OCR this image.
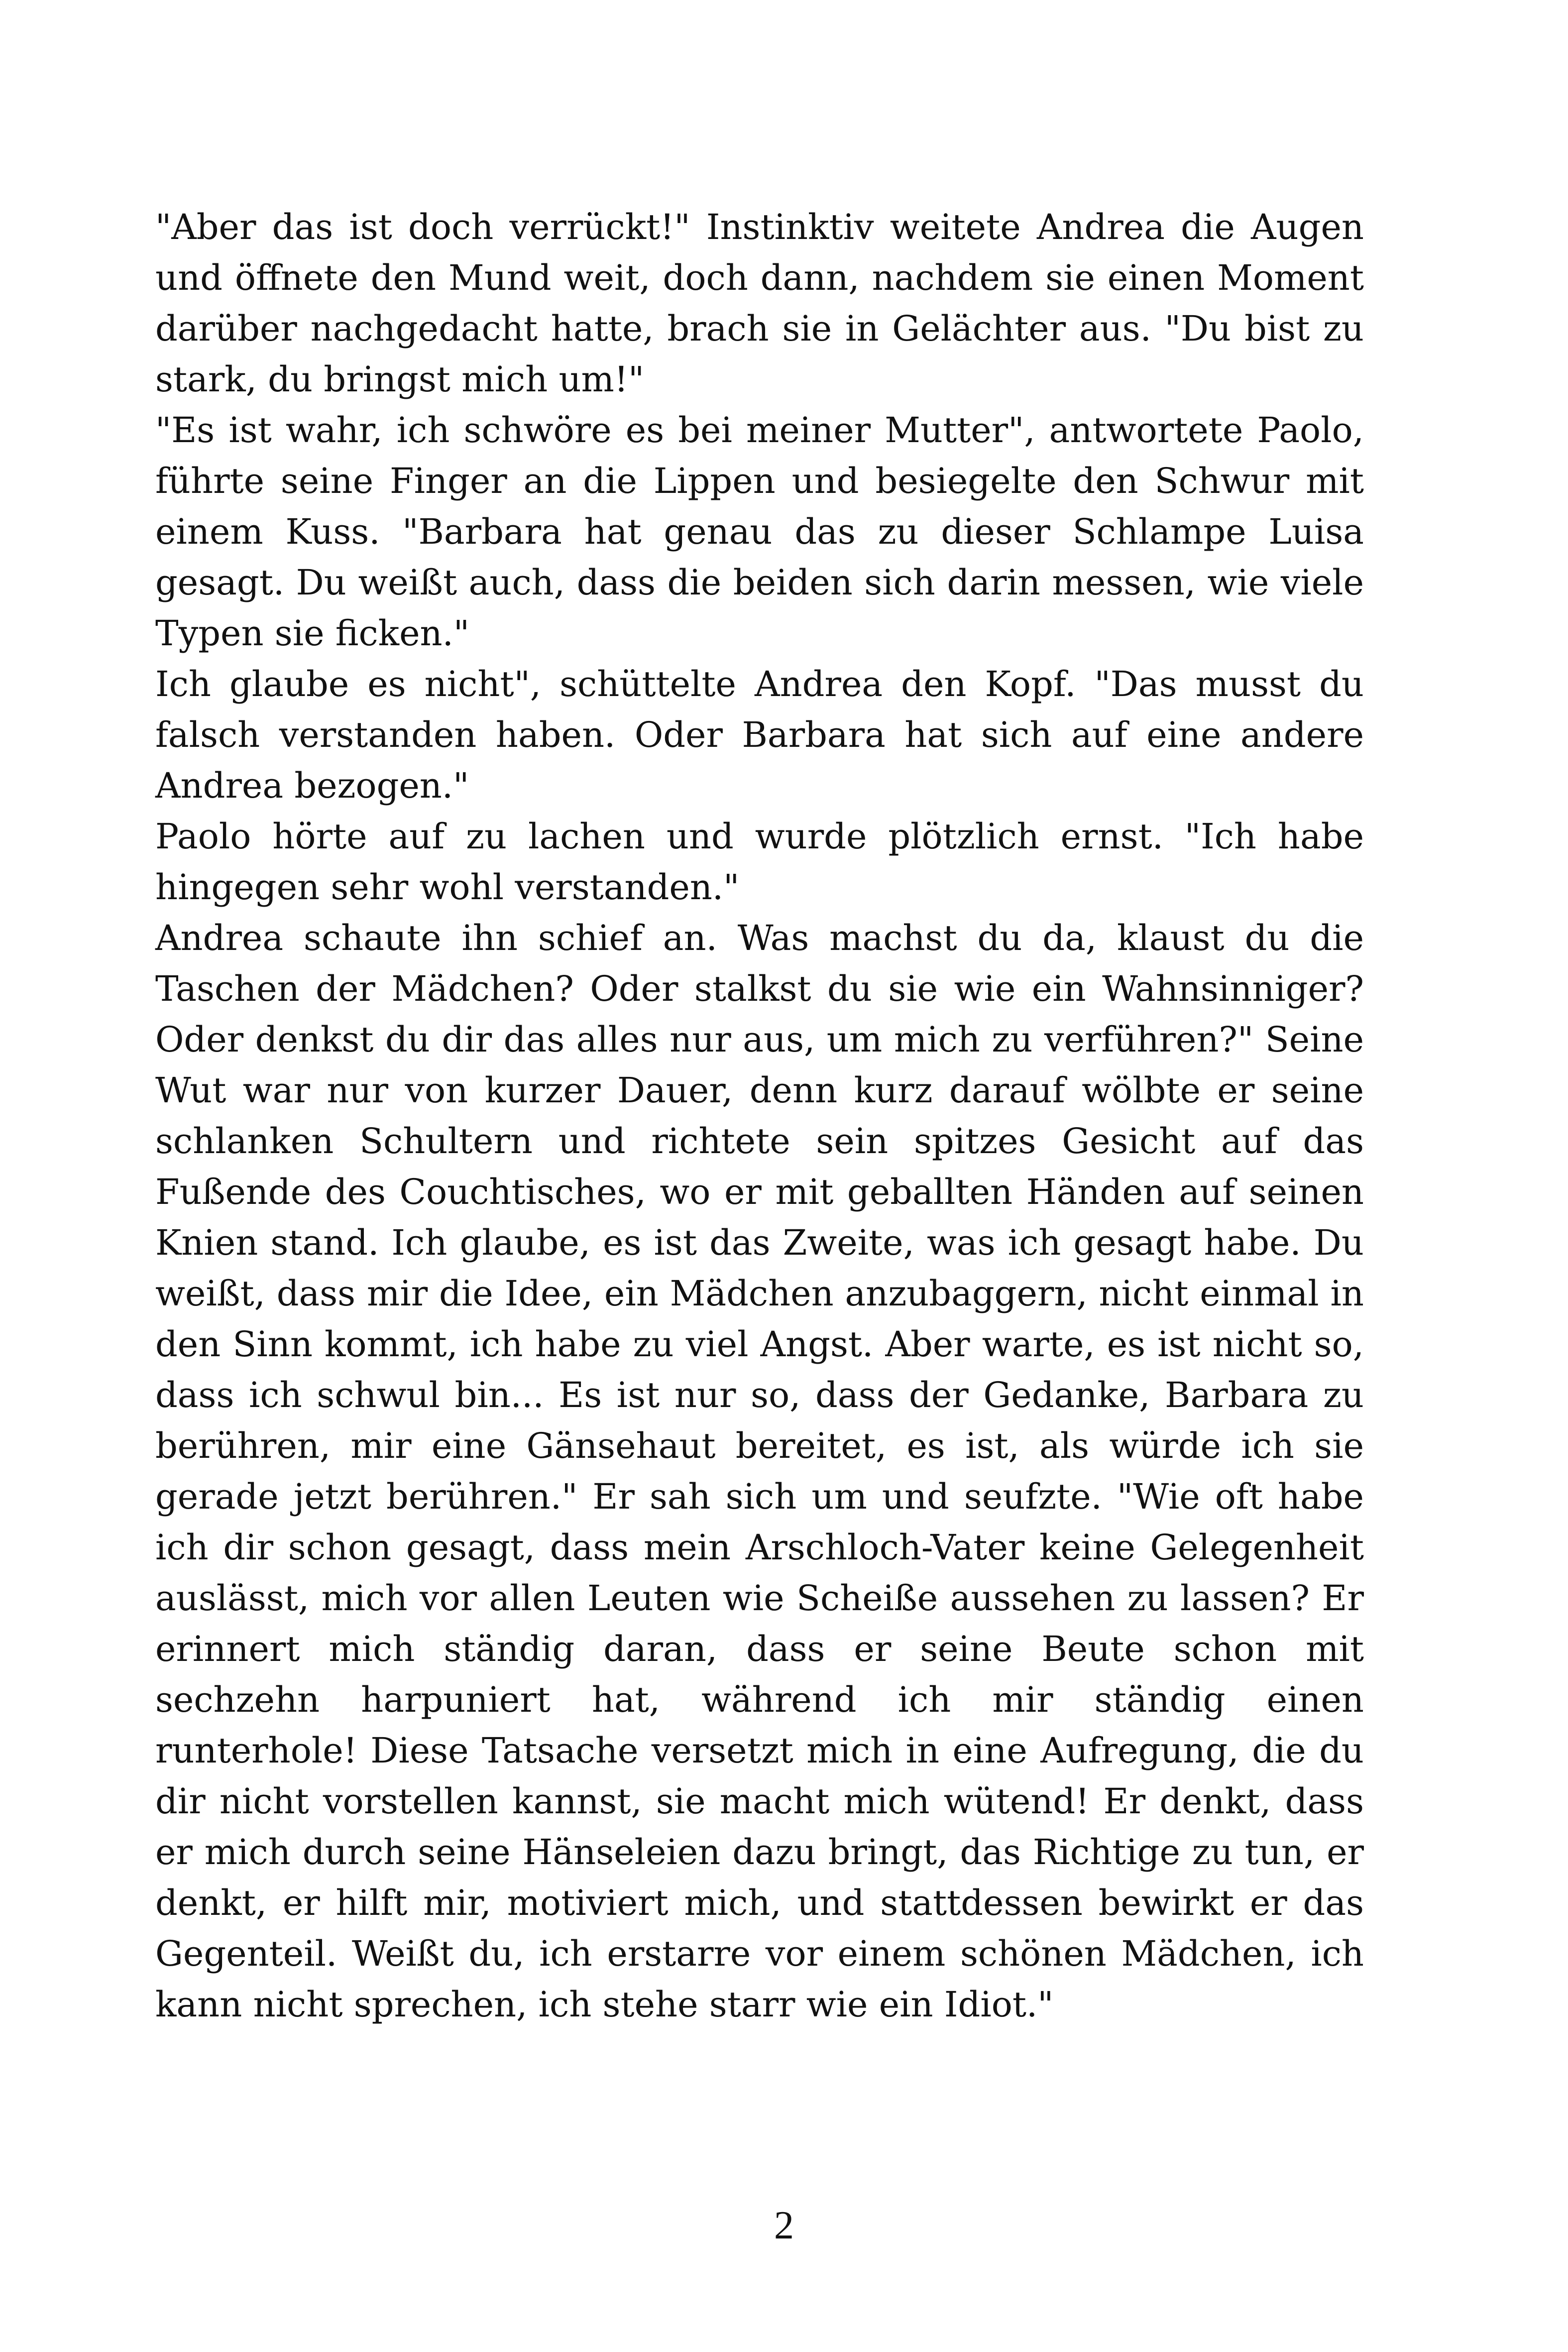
"Aber das ist doch verrückt!" Instinktiv weitete Andrea die Augen und öffnete den Mund weit, doch dann, nachdem sie einen Moment darüber nachgedacht hatte, brach sie in Gelächter aus. "Du bist zu stark, du bringst mich um!"

"Es ist wahr, ich schwöre es bei meiner Mutter", antwortete Paolo, führte seine Finger an die Lippen und besiegelte den Schwur mit einem Kuss. "Barbara hat genau das zu dieser Schlampe Luisa gesagt. Du weißt auch, dass die beiden sich darin messen, wie viele Typen sie ficken."

Ich glaube es nicht", schüttelte Andrea den Kopf. "Das musst du falsch verstanden haben. Oder Barbara hat sich auf eine andere Andrea bezogen."

Paolo hörte auf zu lachen und wurde plötzlich ernst. "Ich habe hingegen sehr wohl verstanden."

Andrea schaute ihn schief an. Was machst du da, klaust du die Taschen der Mädchen? Oder stalkst du sie wie ein Wahnsinniger? Oder denkst du dir das alles nur aus, um mich zu verführen?" Seine Wut war nur von kurzer Dauer, denn kurz darauf wölbte er seine schlanken Schultern und richtete sein spitzes Gesicht auf das Fußende des Couchtisches, wo er mit geballten Händen auf seinen Knien stand. Ich glaube, es ist das Zweite, was ich gesagt habe. Du weißt, dass mir die Idee, ein Mädchen anzubaggern, nicht einmal in den Sinn kommt, ich habe zu viel Angst. Aber warte, es ist nicht so, dass ich schwul bin... Es ist nur so, dass der Gedanke, Barbara zu berühren, mir eine Gänsehaut bereitet, es ist, als würde ich sie gerade jetzt berühren." Er sah sich um und seufzte. "Wie oft habe ich dir schon gesagt, dass mein Arschloch-Vater keine Gelegenheit auslässt, mich vor allen Leuten wie Scheiße aussehen zu lassen? Er erinnert mich ständig daran, dass er seine Beute schon mit sechzehn harpuniert hat, während ich mir ständig einen runterhole! Diese Tatsache versetzt mich in eine Aufregung, die du dir nicht vorstellen kannst, sie macht mich wütend! Er denkt, dass er mich durch seine Hänseleien dazu bringt, das Richtige zu tun, er denkt, er hilft mir, motiviert mich, und stattdessen bewirkt er das Gegenteil. Weißt du, ich erstarre vor einem schönen Mädchen, ich kann nicht sprechen, ich stehe starr wie ein Idiot."

2
